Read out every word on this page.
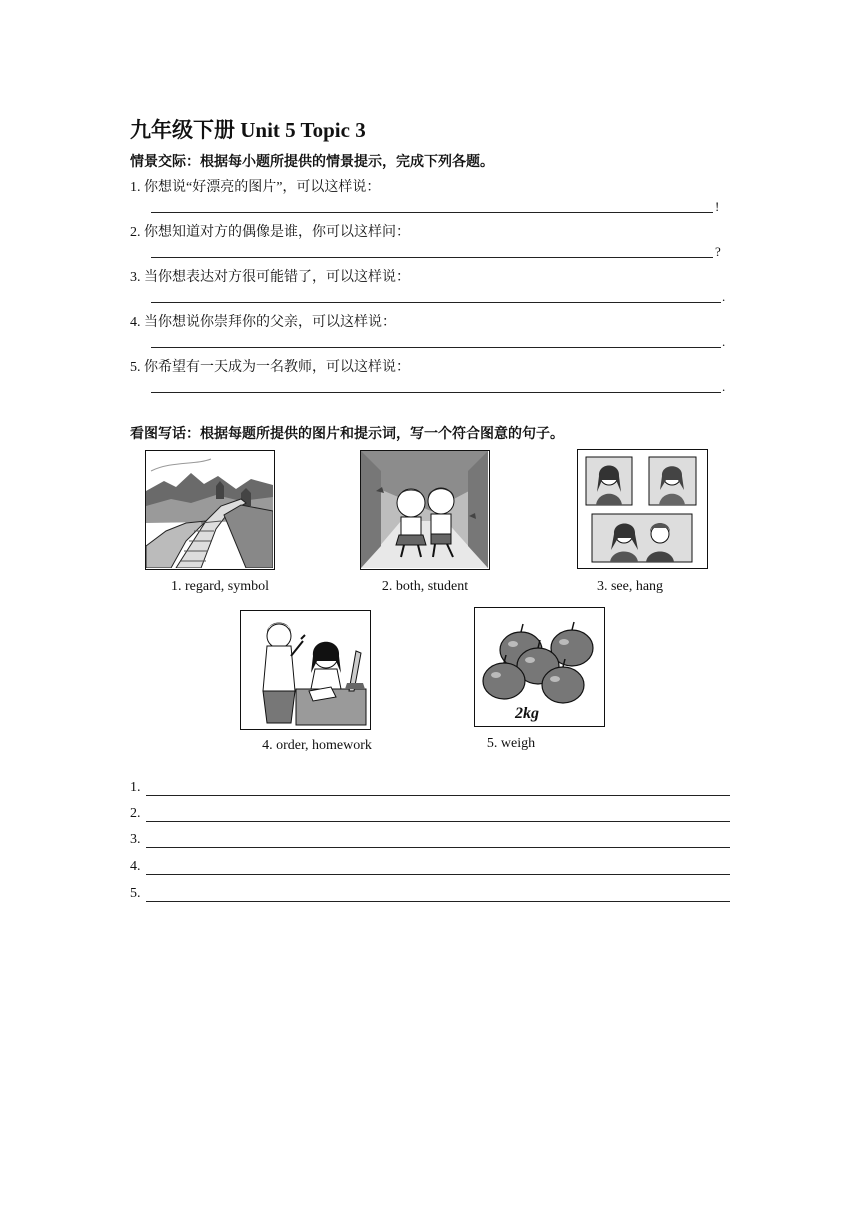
九年级下册 Unit 5 Topic 3
情景交际：根据每小题所提供的情景提示，完成下列各题。
1. 你想说“好漂亮的图片”，可以这样说：
!
2. 你想知道对方的偶像是谁，你可以这样问：
?
3. 当你想表达对方很可能错了，可以这样说：
.
4. 当你想说你崇拜你的父亲，可以这样说：
.
5. 你希望有一天成为一名教师，可以这样说：
.
看图写话：根据每题所提供的图片和提示词，写一个符合图意的句子。
1. regard, symbol	2. both, student	3. see, hang
4. order, homework
2kg
5. weigh
1.
2.
3.
4.
5.
